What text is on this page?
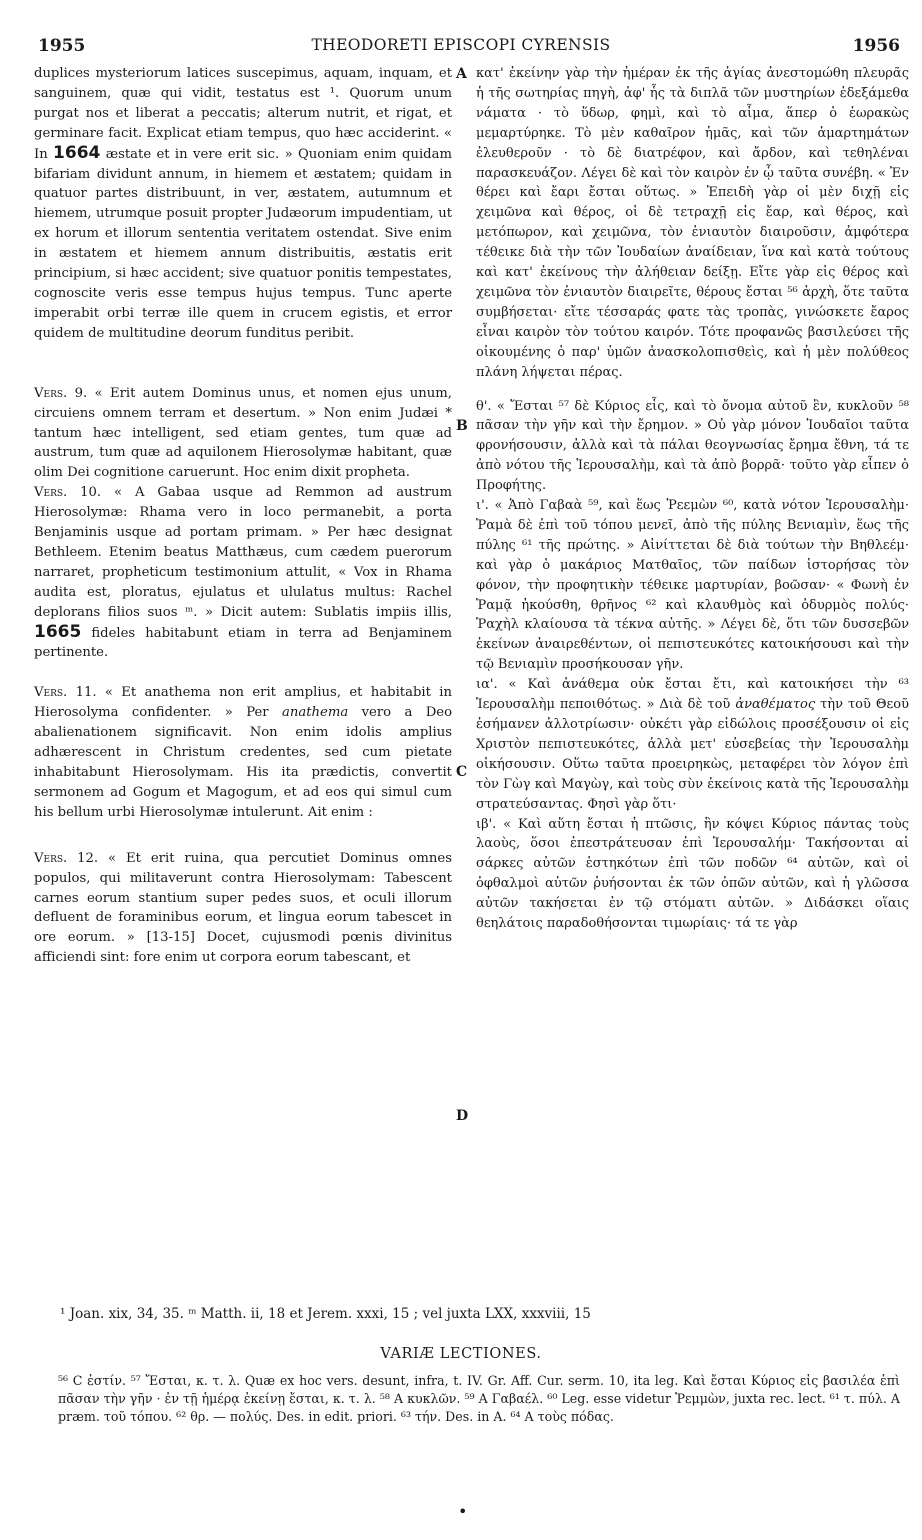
1955	THEODORETI EPISCOPI CYRENSIS	1956

duplices mysteriorum latices suscepimus, aquam, inquam, et sanguinem, quæ qui vidit, testatus est ¹. Quorum unum purgat nos et liberat a peccatis; alterum nutrit, et rigat, et germinare facit. Explicat etiam tempus, quo hæc acciderint. « In 1664 æstate et in vere erit sic. » Quoniam enim quidam bifariam dividunt annum, in hiemem et æstatem; quidam in quatuor partes distribuunt, in ver, æstatem, autumnum et hiemem, utrumque posuit propter Judæorum impudentiam, ut ex horum et illorum sententia veritatem ostendat. Sive enim in æstatem et hiemem annum distribuitis, æstatis erit principium, si hæc accident; sive quatuor ponitis tempestates, cognoscite veris esse tempus hujus tempus. Tunc aperte imperabit orbi terræ ille quem in crucem egistis, et error quidem de multitudine deorum funditus peribit.

Vers. 9. « Erit autem Dominus unus, et nomen ejus unum, circuiens omnem terram et desertum. » Non enim Judæi * tantum hæc intelligent, sed etiam gentes, tum quæ ad austrum, tum quæ ad aquilonem Hierosolymæ habitant, quæ olim Dei cognitione caruerunt. Hoc enim dixit propheta.

Vers. 10. « A Gabaa usque ad Remmon ad austrum Hierosolymæ: Rhama vero in loco permanebit, a porta Benjaminis usque ad portam primam. » Per hæc designat Bethleem. Etenim beatus Matthæus, cum cædem puerorum narraret, propheticum testimonium attulit, « Vox in Rhama audita est, ploratus, ejulatus et ululatus multus: Rachel deplorans filios suos ᵐ. » Dicit autem: Sublatis impiis illis, 1665 fideles habitabunt etiam in terra ad Benjaminem pertinente.

Vers. 11. « Et anathema non erit amplius, et habitabit in Hierosolyma confidenter. » Per anathema vero a Deo abalienationem significavit. Non enim idolis amplius adhærescent in Christum credentes, sed cum pietate inhabitabunt Hierosolymam. His ita prædictis, convertit sermonem ad Gogum et Magogum, et ad eos qui simul cum his bellum urbi Hierosolymæ intulerunt. Ait enim :

Vers. 12. « Et erit ruina, qua percutiet Dominus omnes populos, qui militaverunt contra Hierosolymam: Tabescent carnes eorum stantium super pedes suos, et oculi illorum defluent de foraminibus eorum, et lingua eorum tabescet in ore eorum. » [13-15] Docet, cujusmodi pœnis divinitus afficiendi sint: fore enim ut corpora eorum tabescant, et

A
B
C
D

κατ' ἐκείνην γὰρ τὴν ἡμέραν ἐκ τῆς ἁγίας ἀνεστομώθη πλευρᾶς ἡ τῆς σωτηρίας πηγὴ, ἀφ' ἧς τὰ διπλᾶ τῶν μυστηρίων ἐδεξάμεθα νάματα · τὸ ὕδωρ, φημὶ, καὶ τὸ αἷμα, ἅπερ ὁ ἑωρακὼς μεμαρτύρηκε. Τὸ μὲν καθαῖρον ἡμᾶς, καὶ τῶν ἁμαρτημάτων ἐλευθεροῦν · τὸ δὲ διατρέφον, καὶ ἄρδον, καὶ τεθηλέναι παρασκευάζον. Λέγει δὲ καὶ τὸν καιρὸν ἐν ᾧ ταῦτα συνέβη. « Ἐν θέρει καὶ ἔαρι ἔσται οὕτως. » Ἐπειδὴ γὰρ οἱ μὲν διχῇ εἰς χειμῶνα καὶ θέρος, οἱ δὲ τετραχῇ εἰς ἔαρ, καὶ θέρος, καὶ μετόπωρον, καὶ χειμῶνα, τὸν ἐνιαυτὸν διαιροῦσιν, ἀμφότερα τέθεικε διὰ τὴν τῶν Ἰουδαίων ἀναίδειαν, ἵνα καὶ κατὰ τούτους καὶ κατ' ἐκείνους τὴν ἀλήθειαν δείξῃ. Εἴτε γὰρ εἰς θέρος καὶ χειμῶνα τὸν ἐνιαυτὸν διαιρεῖτε, θέρους ἔσται ⁵⁶ ἀρχὴ, ὅτε ταῦτα συμβήσεται· εἴτε τέσσαράς φατε τὰς τροπὰς, γινώσκετε ἔαρος εἶναι καιρὸν τὸν τούτου καιρόν. Τότε προφανῶς βασιλεύσει τῆς οἰκουμένης ὁ παρ' ὑμῶν ἀνασκολοπισθεὶς, καὶ ἡ μὲν πολύθεος πλάνη λήψεται πέρας.

θ'. « Ἔσται ⁵⁷ δὲ Κύριος εἷς, καὶ τὸ ὄνομα αὐτοῦ ἓν, κυκλοῦν ⁵⁸ πᾶσαν τὴν γῆν καὶ τὴν ἔρημον. » Οὐ γὰρ μόνον Ἰουδαῖοι ταῦτα φρονήσουσιν, ἀλλὰ καὶ τὰ πάλαι θεογνωσίας ἔρημα ἔθνη, τά τε ἀπὸ νότου τῆς Ἱερουσαλὴμ, καὶ τὰ ἀπὸ βορρᾶ· τοῦτο γὰρ εἶπεν ὁ Προφήτης.

ι'. « Ἀπὸ Γαβαὰ ⁵⁹, καὶ ἕως Ῥεεμὼν ⁶⁰, κατὰ νότον Ἱερουσαλὴμ· Ῥαμὰ δὲ ἐπὶ τοῦ τόπου μενεῖ, ἀπὸ τῆς πύλης Βενιαμὶν, ἕως τῆς πύλης ⁶¹ τῆς πρώτης. » Αἰνίττεται δὲ διὰ τούτων τὴν Βηθλεέμ· καὶ γὰρ ὁ μακάριος Ματθαῖος, τῶν παίδων ἱστορήσας τὸν φόνον, τὴν προφητικὴν τέθεικε μαρτυρίαν, βοῶσαν· « Φωνὴ ἐν Ῥαμᾷ ἠκούσθη, θρῆνος ⁶² καὶ κλαυθμὸς καὶ ὀδυρμὸς πολύς· Ῥαχὴλ κλαίουσα τὰ τέκνα αὐτῆς. » Λέγει δὲ, ὅτι τῶν δυσσεβῶν ἐκείνων ἀναιρεθέντων, οἱ πεπιστευκότες κατοικήσουσι καὶ τὴν τῷ Βενιαμὶν προσήκουσαν γῆν.

ια'. « Καὶ ἀνάθεμα οὐκ ἔσται ἔτι, καὶ κατοικήσει τὴν ⁶³ Ἱερουσαλὴμ πεποιθότως. » Διὰ δὲ τοῦ ἀναθέματος τὴν τοῦ Θεοῦ ἐσήμανεν ἀλλοτρίωσιν· οὐκέτι γὰρ εἰδώλοις προσέξουσιν οἱ εἰς Χριστὸν πεπιστευκότες, ἀλλὰ μετ' εὐσεβείας τὴν Ἱερουσαλὴμ οἰκήσουσιν. Οὕτω ταῦτα προειρηκὼς, μεταφέρει τὸν λόγον ἐπὶ τὸν Γὼγ καὶ Μαγὼγ, καὶ τοὺς σὺν ἐκείνοις κατὰ τῆς Ἱερουσαλὴμ στρατεύσαντας. Φησὶ γὰρ ὅτι·

ιβ'. « Καὶ αὕτη ἔσται ἡ πτῶσις, ἣν κόψει Κύριος πάντας τοὺς λαοὺς, ὅσοι ἐπεστράτευσαν ἐπὶ Ἱερουσαλήμ· Τακήσονται αἱ σάρκες αὐτῶν ἑστηκότων ἐπὶ τῶν ποδῶν ⁶⁴ αὐτῶν, καὶ οἱ ὀφθαλμοὶ αὐτῶν ῥυήσονται ἐκ τῶν ὀπῶν αὐτῶν, καὶ ἡ γλῶσσα αὐτῶν τακήσεται ἐν τῷ στόματι αὐτῶν. » Διδάσκει οἵαις θεηλάτοις παραδοθήσονται τιμωρίαις· τά τε γὰρ

¹ Joan. xix, 34, 35. ᵐ Matth. ii, 18 et Jerem. xxxi, 15 ; vel juxta LXX, xxxviii, 15
VARIÆ LECTIONES.
⁵⁶ C ἐστίν. ⁵⁷ Ἔσται, κ. τ. λ. Quæ ex hoc vers. desunt, infra, t. IV. Gr. Aff. Cur. serm. 10, ita leg. Καὶ ἔσται Κύριος εἰς βασιλέα ἐπὶ πᾶσαν τὴν γῆν · ἐν τῇ ἡμέρᾳ ἐκείνῃ ἔσται, κ. τ. λ. ⁵⁸ A κυκλῶν. ⁵⁹ A Γαβαέλ. ⁶⁰ Leg. esse videtur Ῥεμμὼν, juxta rec. lect. ⁶¹ τ. πύλ. A præm. τοῦ τόπου. ⁶² θρ. — πολύς. Des. in edit. priori. ⁶³ τήν. Des. in A. ⁶⁴ A τοὺς πόδας.
•
